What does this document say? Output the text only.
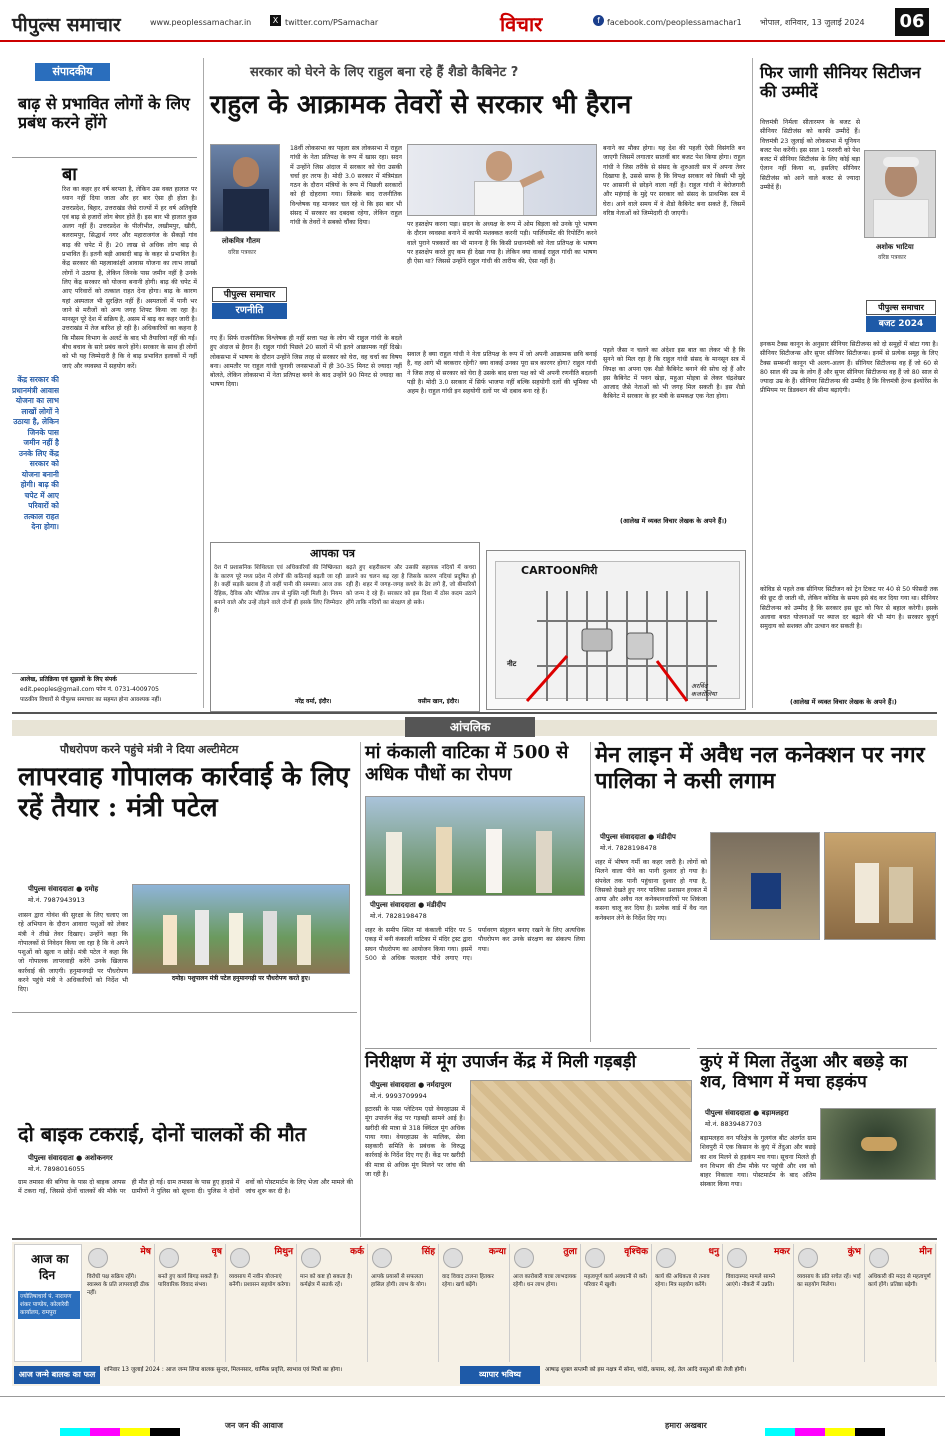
पीपुल्स समाचार	www.peoplessamachar.in	X twitter.com/PSamachar	विचार	f facebook.com/peoplessamachar1 भोपाल, शनिवार, 13 जुलाई 2024 06
संपादकीय
बाढ़ से प्रभावित लोगों के लिए प्रबंध करने होंगे
बा
रिश का कहर हर वर्ष बरपता है, लेकिन उस वक्त हालात पर ध्यान नहीं दिया जाता और हर बार ऐसा ही होता है। उत्तरप्रदेश, बिहार, उत्तराखंड जैसे राज्यों में हर वर्ष अतिवृष्टि एवं बाढ़ से हजारों लोग बेघर होते हैं। इस बार भी हालात कुछ अलग नहीं हैं। उत्तरप्रदेश के पीलीभीत, लखीमपुर, खीरी, बलरामपुर, सिद्धार्थ नगर और महाराजगंज के सैकड़ों गांव बाढ़ की चपेट में हैं। 20 लाख से अधिक लोग बाढ़ से प्रभावित हैं। इतनी बड़ी आबादी बाढ़ के कहर से प्रभावित है। केंद्र सरकार की महत्वाकांक्षी आवास योजना का लाभ लाखों लोगों ने उठाया है, लेकिन जिनके पास जमीन नहीं है उनके लिए केंद्र सरकार को योजना बनानी होगी। बाढ़ की चपेट में आए परिवारों को तत्काल राहत देना होगा। बाढ़ के कारण यहां अस्पताल भी सुरक्षित नहीं हैं। अस्पतालों में पानी भर जाने से मरीजों को अन्य जगह शिफ्ट किया जा रहा है। मानसून पूरे देश में सक्रिय है, असम में बाढ़ का कहर जारी है। उत्तराखंड में तेज बारिश हो रही है। अधिकारियों का कहना है कि मौसम विभाग के अलर्ट के बाद भी तैयारियां नहीं की गईं। बीच बचाव के सारे प्रबंध करने होंगे। सरकार के साथ ही लोगों को भी यह जिम्मेदारी है कि वे बाढ़ प्रभावित इलाकों में नहीं जाएं और व्यवस्था में सहयोग करें।
केंद्र सरकार की प्रधानमंत्री आवास योजना का लाभ लाखों लोगों ने उठाया है, लेकिन जिनके पास जमीन नहीं है उनके लिए केंद्र सरकार को योजना बनानी होगी। बाढ़ की चपेट में आए परिवारों को तत्काल राहत देना होगा।
आलेख, प्रतिक्रिया एवं सुझावों के लिए संपर्क
edit.peoples@gmail.com फोन नं. 0731-4009705
पाठकीय विचारों से पीपुल्स समाचार का सहमत होना आवश्यक नहीं।
सरकार को घेरने के लिए राहुल बना रहे हैं शैडो कैबिनेट ?
राहुल के आक्रामक तेवरों से सरकार भी हैरान
लोकमित्र गौतम
वरिष्ठ पत्रकार
पीपुल्स समाचार
रणनीति
18वीं लोकसभा का पहला सत्र लोकसभा में राहुल गांधी के नेता प्रतिपक्ष के रूप में खास रहा। सदन में उन्होंने जिस अंदाज में सरकार को घेरा उसकी चर्चा हर तरफ है। मोदी 3.0 सरकार में मंत्रिमंडल गठन के दौरान मंत्रियों के रूप में पिछली सरकारों को ही दोहराया गया। जिसके बाद राजनीतिक विश्लेषक यह मानकर चल रहे थे कि इस बार भी संसद में सरकार का दबदबा रहेगा, लेकिन राहुल गांधी के तेवरों ने सबको चौंका दिया।
गए हैं। सिर्फ राजनीतिक विश्लेषक ही नहीं सत्ता पक्ष के लोग भी राहुल गांधी के बदले हुए अंदाज से हैरान हैं। राहुल गांधी पिछले 20 सालों में भी इतने आक्रामक नहीं दिखे। लोकसभा में भाषण के दौरान उन्होंने जिस तरह से सरकार को घेरा, वह चर्चा का विषय बना। आमतौर पर राहुल गांधी चुनावी जनसभाओं में ही 30-35 मिनट से ज्यादा नहीं बोलते, लेकिन लोकसभा में नेता प्रतिपक्ष बनने के बाद उन्होंने 90 मिनट से ज्यादा का भाषण दिया।
पर हस्तक्षेप करना पड़ा। सदन के अध्यक्ष के रूप में ओम बिड़ला को उनके पूरे भाषण के दौरान व्यवस्था बनाने में काफी मशक्कत करनी पड़ी। पार्लियामेंट की रिपोर्टिंग करने वाले पुराने पत्रकारों का भी मानना है कि किसी प्रधानमंत्री को नेता प्रतिपक्ष के भाषण पर हस्तक्षेप करते हुए कम ही देखा गया है। लेकिन क्या वाकई राहुल गांधी का भाषण ही ऐसा था? जिससे उन्होंने राहुल गांधी की तारीफ की, ऐसा नहीं है।
सवाल है क्या राहुल गांधी ने नेता प्रतिपक्ष के रूप में जो अपनी आक्रामक छवि बनाई है, वह आगे भी बरकरार रहेगी? क्या वाकई उनका पूरा सत्र कारगर होगा? राहुल गांधी ने जिस तरह से सरकार को घेरा है उसके बाद सत्ता पक्ष को भी अपनी रणनीति बदलनी पड़ी है। मोदी 3.0 सरकार में सिर्फ भाजपा नहीं बल्कि सहयोगी दलों की भूमिका भी अहम है। राहुल गांधी इन सहयोगी दलों पर भी दबाव बना रहे हैं।
बनाने का मौका होगा। यह देश की पहली ऐसी विसंगति बन जाएगी जिसमें लगातार सातवीं बार बजट पेश किया होगा। राहुल गांधी ने जिस तरीके से संसद के शुरुआती सत्र में अपना तेवर दिखाया है, उससे साफ है कि विपक्ष सरकार को किसी भी मुद्दे पर आसानी से छोड़ने वाला नहीं है। राहुल गांधी ने बेरोजगारी और महंगाई के मुद्दे पर सरकार को संसद के प्राथमिक सत्र में घेरा। आने वाले समय में वे शैडो कैबिनेट बना सकते हैं, जिसमें वरिष्ठ नेताओं को जिम्मेदारी दी जाएगी।
पहले जैसा न चलने का अंदेशा इस बात का लेकर भी है कि सुनने को मिल रहा है कि राहुल गांधी संसद के मानसून सत्र में विपक्ष का अपना एक शैडो कैबिनेट बनाने की सोच रहे हैं और इस कैबिनेट में पवन खेड़ा, महुआ मोइत्रा से लेकर चंद्रशेखर आजाद जैसे नेताओं को भी जगह मिल सकती है। इस शैडो कैबिनेट में सरकार के हर मंत्री के समकक्ष एक नेता होगा।
(आलेख में व्यक्त विचार लेखक के अपने हैं।)
आपका पत्र
देश में प्रशासनिक शिथिलता एवं अधिकारियों की निष्क्रियता के कारण पूरे मध्य प्रदेश में लोगों की कठिनाई बढ़ती जा रही है। कहीं सड़कें खराब हैं तो कहीं पानी की समस्या। आज तक दैहिक, दैविक और भौतिक ताप से मुक्ति नहीं मिली है। नियम बनाने वाले और उन्हें तोड़ने वाले दोनों ही इसके लिए जिम्मेदार हैं।
नरेंद्र वर्मा, इंदौर।
बढ़ते हुए शहरीकरण और उसकी सहायक नदियों में कचरा डालने का चलन बढ़ रहा है जिसके कारण नदियां प्रदूषित हो रही हैं। शहर में जगह-जगह कचरे के ढेर लगे हैं, जो बीमारियों को जन्म दे रहे हैं। सरकार को इस दिशा में ठोस कदम उठाने होंगे ताकि नदियों का संरक्षण हो सके।
वसीम खान, इंदौर।
CARTOONगिरी
नीट
अरविंद कजरोलिया
फिर जागी सीनियर सिटीजन की उम्मीदें
वित्तमंत्री निर्मला सीतारमण के बजट से सीनियर सिटीजंस को काफी उम्मीदें हैं। वित्तमंत्री 23 जुलाई को लोकसभा में यूनियन बजट पेश करेंगी। इस साल 1 फरवरी को पेश बजट में सीनियर सिटीजंस के लिए कोई बड़ा ऐलान नहीं किया था, इसलिए सीनियर सिटीजंस को आने वाले बजट से ज्यादा उम्मीदें हैं।
अशोक भाटिया
वरिष्ठ पत्रकार
पीपुल्स समाचार
बजट 2024
इनकम टैक्स कानून के अनुसार सीनियर सिटीजन्स को दो समूहों में बांटा गया है। सीनियर सिटीजन्स और सुपर सीनियर सिटीजन्स। इनमें से प्रत्येक समूह के लिए टैक्स सम्बन्धी कानून भी अलग-अलग हैं। सीनियर सिटीजन्स वह हैं जो 60 से 80 साल की उम्र के लोग हैं और सुपर सीनियर सिटीजन्स वह हैं जो 80 साल से ज्यादा उम्र के हैं। सीनियर सिटीजन्स की उम्मीद है कि वित्तमंत्री हेल्थ इंश्योरेंस के प्रीमियम पर डिडक्शन की सीमा बढ़ाएंगी।
कोविड से पहले तक सीनियर सिटीजन को ट्रेन टिकट पर 40 से 50 फीसदी तक की छूट दी जाती थी, लेकिन कोविड के समय इसे बंद कर दिया गया था। सीनियर सिटीजन्स को उम्मीद है कि सरकार इस छूट को फिर से बहाल करेगी। इसके अलावा बचत योजनाओं पर ब्याज दर बढ़ाने की भी मांग है। सरकार बुजुर्ग समुदाय को सशक्त और उत्थान कर सकती है।
(आलेख में व्यक्त विचार लेखक के अपने हैं।)
आंचलिक
पौधरोपण करने पहुंचे मंत्री ने दिया अल्टीमेटम
लापरवाह गोपालक कार्रवाई के लिए रहें तैयार : मंत्री पटेल
पीपुल्स संवाददाता ● दमोह
मो.नं. 7987943913
शासन द्वारा गोवंश की सुरक्षा के लिए चलाए जा रहे अभियान के दौरान आवारा पशुओं को लेकर मंत्री ने तीखे तेवर दिखाए। उन्होंने कहा कि गोपालकों से निवेदन किया जा रहा है कि वे अपने पशुओं को खुला न छोड़ें। मंत्री पटेल ने कहा कि जो गोपालक लापरवाही करेंगे उनके खिलाफ कार्रवाई की जाएगी। हनुमानगढ़ी पर पौधरोपण करने पहुंचे मंत्री ने अधिकारियों को निर्देश भी दिए।
दमोह। पशुपालन मंत्री पटेल हनुमानगढ़ी पर पौधरोपण करते हुए।
दो बाइक टकराई, दोनों चालकों की मौत
पीपुल्स संवाददाता ● अशोकनगर
मो.नं. 7898016055
ग्राम तमासा की बगिया के पास दो बाइक आपस में टकरा गईं, जिससे दोनों चालकों की मौके पर ही मौत हो गई। ग्राम तमासा के पास हुए हादसे में ग्रामीणों ने पुलिस को सूचना दी। पुलिस ने दोनों शवों को पोस्टमार्टम के लिए भेजा और मामले की जांच शुरू कर दी है।
मां कंकाली वाटिका में 500 से अधिक पौधों का रोपण
पीपुल्स संवाददाता ● मंडीदीप
मो.नं. 7828198478
शहर के समीप स्थित मां कंकाली मंदिर पर 5 एकड़ में बनी कंकाली वाटिका में मंदिर ट्रस्ट द्वारा सघन पौधरोपण का आयोजन किया गया। इसमें 500 से अधिक फलदार पौधे लगाए गए। पर्यावरण संतुलन बनाए रखने के लिए अत्यधिक पौधरोपण कर उनके संरक्षण का संकल्प लिया गया।
निरीक्षण में मूंग उपार्जन केंद्र में मिली गड़बड़ी
पीपुल्स संवाददाता ● नर्मदापुरम
मो.नं. 9993709994
इटारसी के पास प्लेटिनम एग्रो वेयरहाउस में मूंग उपार्जन केंद्र पर गड़बड़ी सामने आई है। खरीदी की मात्रा से 318 क्विंटल मूंग अधिक पाया गया। वेयरहाउस के मालिक, सेवा सहकारी समिति के प्रबंधक के विरुद्ध कार्रवाई के निर्देश दिए गए हैं। केंद्र पर खरीदी की मात्रा से अधिक मूंग मिलने पर जांच की जा रही है।
मेन लाइन में अवैध नल कनेक्शन पर नगर पालिका ने कसी लगाम
पीपुल्स संवाददाता ● मंडीदीप
मो.नं. 7828198478
शहर में भीषण गर्मी का कहर जारी है। लोगों को मिलने वाला पीने का पानी दुश्वार हो गया है। संपवेल तक पानी पहुंचाना दुश्वार हो गया है, जिसको देखते हुए नगर पालिका प्रशासन हरकत में आया और अवैध नल कनेक्शनधारियों पर शिकंजा कसना चालू कर दिया है। प्रत्येक वार्ड में वैध नल कनेक्शन लेने के निर्देश दिए गए।
कुएं में मिला तेंदुआ और बछड़े का शव, विभाग में मचा हड़कंप
पीपुल्स संवाददाता ● बड़ामलहरा
मो.नं. 8839487703
बड़ामलहरा वन परिक्षेत्र के गुलगंज बीट अंतर्गत ग्राम शिवपुरी में एक किसान के कुएं में तेंदुआ और बछड़े का शव मिलने से हड़कंप मच गया। सूचना मिलते ही वन विभाग की टीम मौके पर पहुंची और शव को बाहर निकाला गया। पोस्टमार्टम के बाद अंतिम संस्कार किया गया।
आज का
दिन
ज्योतिषाचार्य पं. नारायण शंकर पाण्डेय, कोलारेवी कार्यालय, रामपुरा
मेष
विरोधी पक्ष सक्रिय रहेंगे। स्वास्थ्य के प्रति लापरवाही ठीक नहीं।
वृष
बनते हुए कार्य बिगड़ सकते हैं। पारिवारिक विवाद संभव।
मिथुन
व्यवसाय में नवीन योजनाएं बनेंगी। प्रशासन सहयोग करेगा।
कर्क
मान को कष्ट हो सकता है। कर्मक्षेत्र में सतर्क रहें।
सिंह
आपके प्रयासों से सफलता हासिल होगी। लाभ के योग।
कन्या
वाद विवाद टालना हितकर रहेगा। खर्च बढ़ेंगे।
तुला
आज कारोबारी यात्रा लाभदायक रहेगी। धन लाभ होगा।
वृश्चिक
महत्वपूर्ण कार्य अवधानी से करें। परिवार में खुशी।
धनु
कार्य की अधिकता से तनाव रहेगा। मित्र सहयोग करेंगे।
मकर
विवादास्पद मामले सामने आएंगे। नौकरी में उन्नति।
कुंभ
व्यवसाय के प्रति सचेत रहें। भाई का सहयोग मिलेगा।
मीन
अधिकारी की मदद से महत्वपूर्ण कार्य होंगे। प्रतिष्ठा बढ़ेगी।
आज जन्मे बालक का फल	शनिवार 13 जुलाई 2024 : आज जन्म लिया बालक सुन्दर, मिलनसार, धार्मिक प्रवृत्ति, स्वभाव एवं मित्रों का होगा।	व्यापार भविष्य	आषाढ़ शुक्ल सप्तमी को इस नक्षत्र में सोना, चांदी, कपास, रुई, तेल आदि वस्तुओं की तेजी होगी।
जन जन की आवाज	हमारा अखबार
